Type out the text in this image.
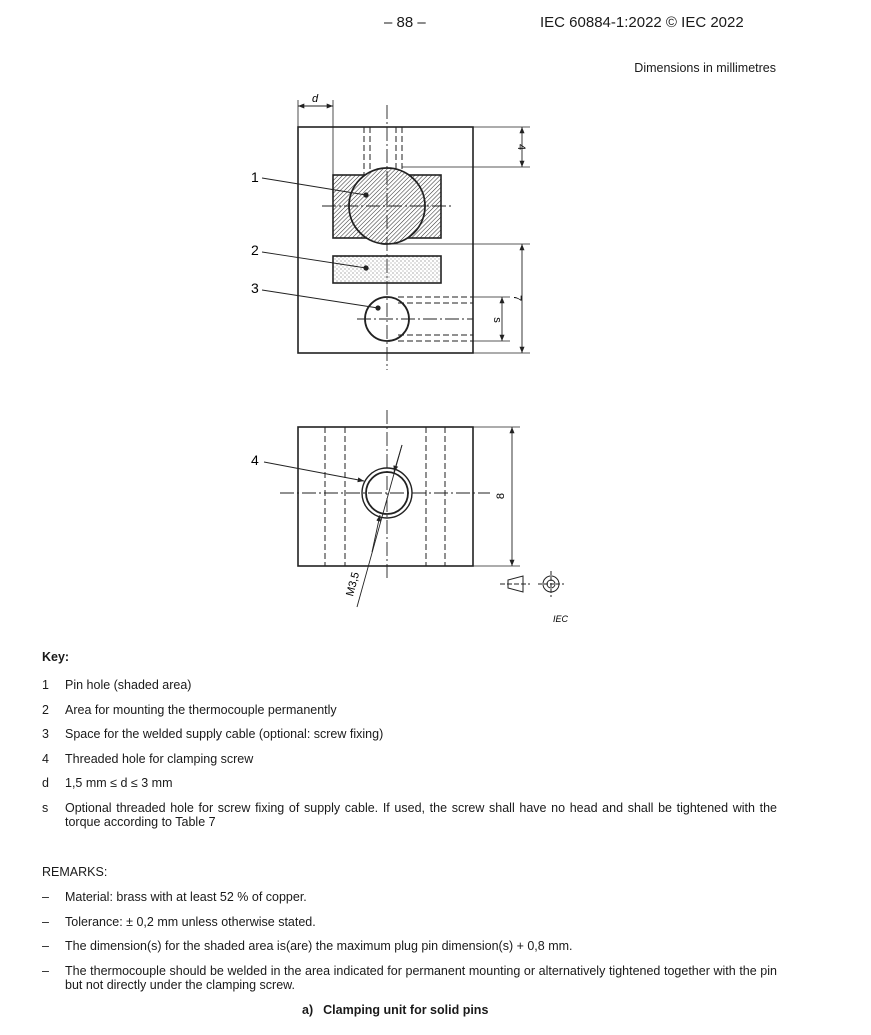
– 88 –	IEC 60884-1:2022 © IEC 2022
Dimensions in millimetres
d
4
7
s
8
M3,5
IEC
1
2
3
4
Key:
1 Pin hole (shaded area)
2 Area for mounting the thermocouple permanently
3 Space for the welded supply cable (optional: screw fixing)
4 Threaded hole for clamping screw
d 1,5 mm ≤ d ≤ 3 mm
s Optional threaded hole for screw fixing of supply cable. If used, the screw shall have no head and shall be tightened with the torque according to Table 7
REMARKS:
– Material: brass with at least 52 % of copper.
– Tolerance: ± 0,2 mm unless otherwise stated.
– The dimension(s) for the shaded area is(are) the maximum plug pin dimension(s) + 0,8 mm.
– The thermocouple should be welded in the area indicated for permanent mounting or alternatively tightened together with the pin but not directly under the clamping screw.
a) Clamping unit for solid pins
